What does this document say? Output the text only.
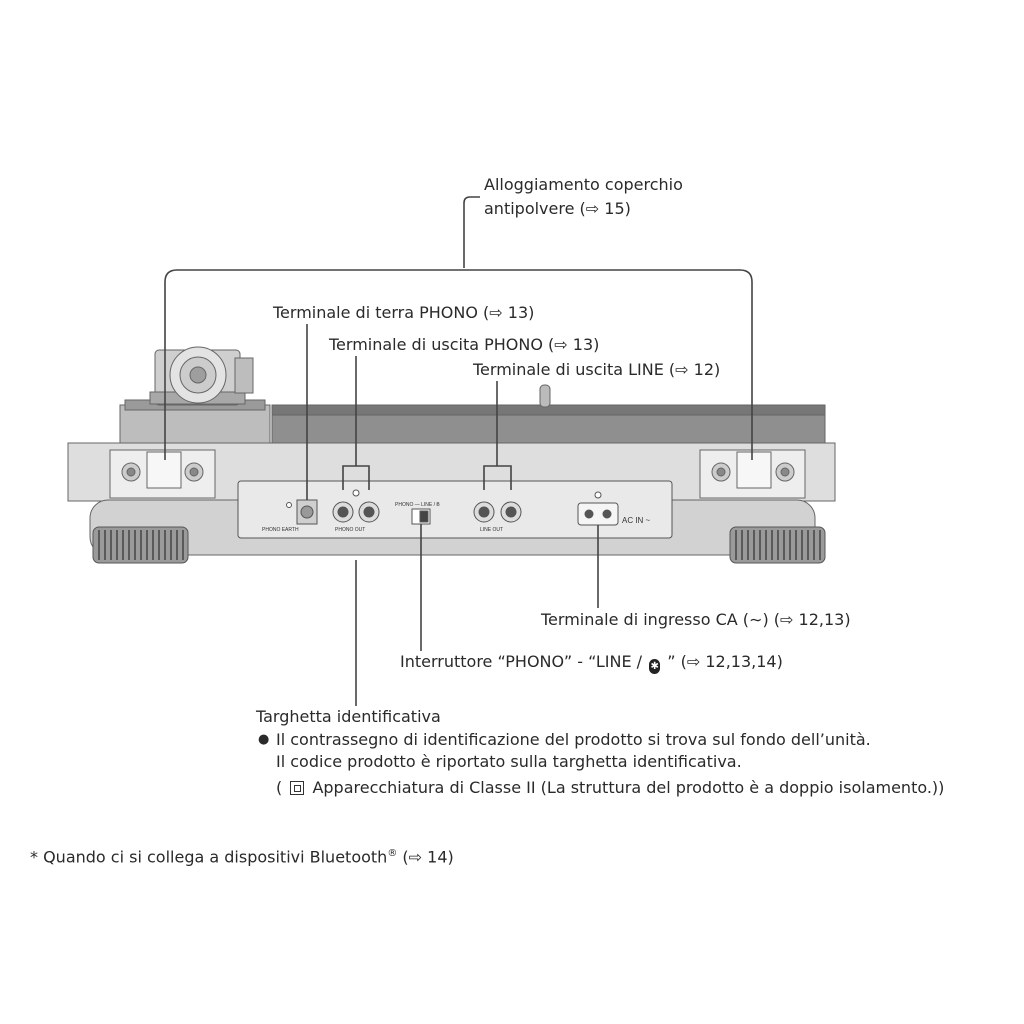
PHONO EARTH	PHONO OUT	LINE OUT
PHONO ― LINE / Ƀ
AC IN ~
Alloggiamento coperchio
antipolvere (⇨ 15)
Terminale di terra PHONO (⇨ 13)
Terminale di uscita PHONO (⇨ 13)
Terminale di uscita LINE (⇨ 12)
Terminale di ingresso CA (∼) (⇨ 12,13)
Interruttore “PHONO” - “LINE / ✱ ” (⇨ 12,13,14)
Targhetta identificativa
● Il contrassegno di identificazione del prodotto si trova sul fondo dell’unità.
Il codice prodotto è riportato sulla targhetta identificativa.
( Apparecchiatura di Classe II (La struttura del prodotto è a doppio isolamento.))
* Quando ci si collega a dispositivi Bluetooth® (⇨ 14)
